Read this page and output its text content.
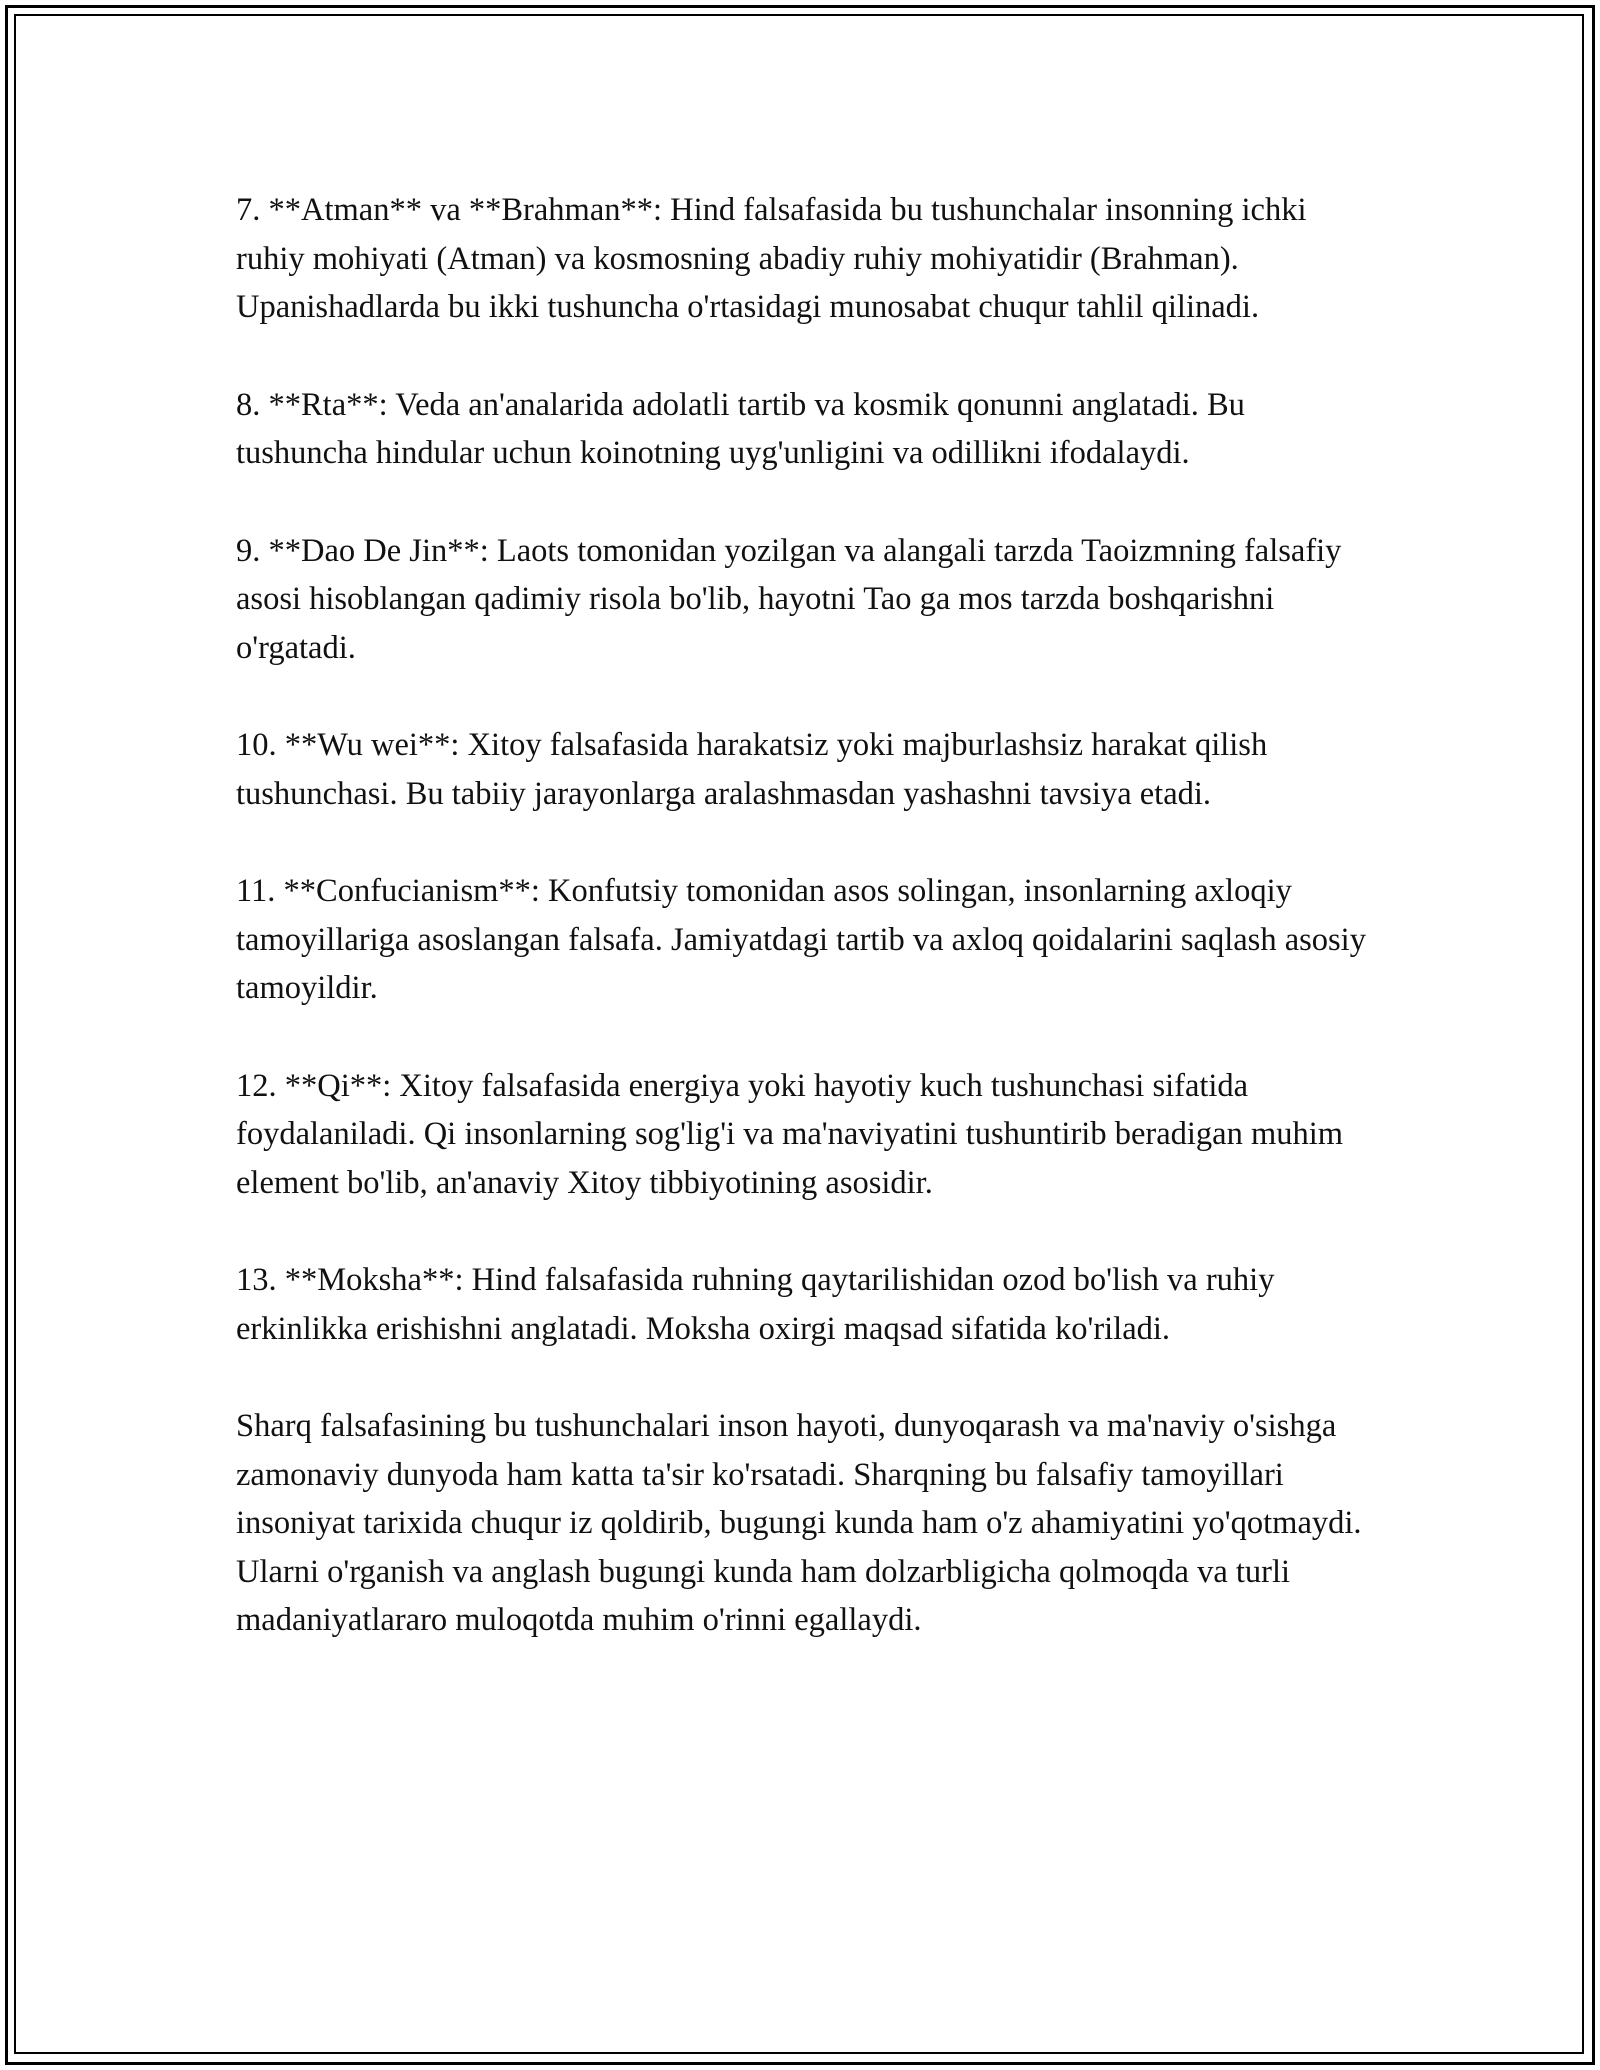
7. **Atman** va **Brahman**: Hind falsafasida bu tushunchalar insonning ichki ruhiy mohiyati (Atman) va kosmosning abadiy ruhiy mohiyatidir (Brahman). Upanishadlarda bu ikki tushuncha o'rtasidagi munosabat chuqur tahlil qilinadi.

8. **Rta**: Veda an'analarida adolatli tartib va kosmik qonunni anglatadi. Bu tushuncha hindular uchun koinotning uyg'unligini va odillikni ifodalaydi.

9. **Dao De Jin**: Laots tomonidan yozilgan va alangali tarzda Taoizmning falsafiy asosi hisoblangan qadimiy risola bo'lib, hayotni Tao ga mos tarzda boshqarishni o'rgatadi.

10. **Wu wei**: Xitoy falsafasida harakatsiz yoki majburlashsiz harakat qilish tushunchasi. Bu tabiiy jarayonlarga aralashmasdan yashashni tavsiya etadi.

11. **Confucianism**: Konfutsiy tomonidan asos solingan, insonlarning axloqiy tamoyillariga asoslangan falsafa. Jamiyatdagi tartib va axloq qoidalarini saqlash asosiy tamoyildir.

12. **Qi**: Xitoy falsafasida energiya yoki hayotiy kuch tushunchasi sifatida foydalaniladi. Qi insonlarning sog'lig'i va ma'naviyatini tushuntirib beradigan muhim element bo'lib, an'anaviy Xitoy tibbiyotining asosidir.

13. **Moksha**: Hind falsafasida ruhning qaytarilishidan ozod bo'lish va ruhiy erkinlikka erishishni anglatadi. Moksha oxirgi maqsad sifatida ko'riladi.

Sharq falsafasining bu tushunchalari inson hayoti, dunyoqarash va ma'naviy o'sishga zamonaviy dunyoda ham katta ta'sir ko'rsatadi. Sharqning bu falsafiy tamoyillari insoniyat tarixida chuqur iz qoldirib, bugungi kunda ham o'z ahamiyatini yo'qotmaydi. Ularni o'rganish va anglash bugungi kunda ham dolzarbligicha qolmoqda va turli madaniyatlararo muloqotda muhim o'rinni egallaydi.
